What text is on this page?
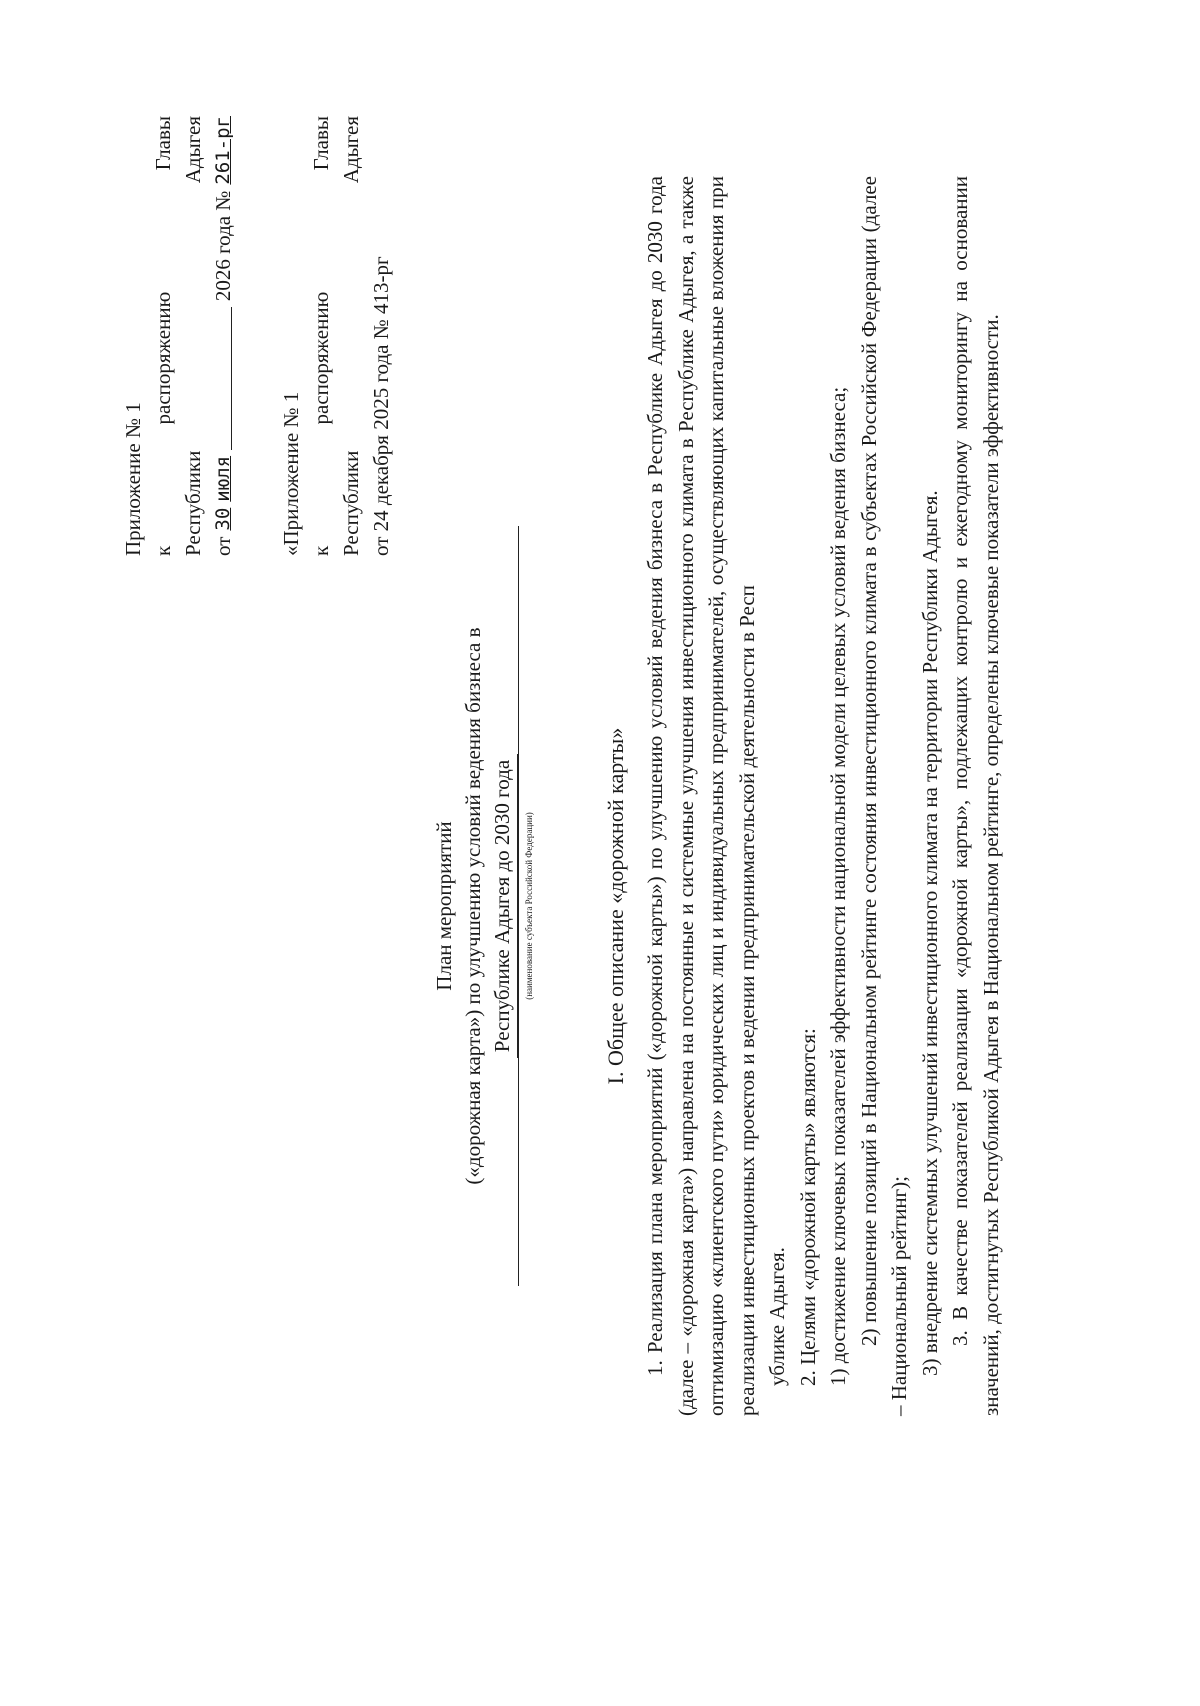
Приложение № 1 к
распоряжению
Главы
Республики
Адыгея
от
30
июля
2026 года №
261-рг
«Приложение № 1 к
распоряжению
Главы
Республики
Адыгея
от 24 декабря 2025 года № 413-рг
План мероприятий («дорожная карта») по улучшению условий ведения бизнеса в Республике Адыгея до 2030 года	(наименование субъекта Российской Федерации)	I. Общее описание «дорожной карты» 1. Реализация плана мероприятий («дорожной карты») по улучшению условий ведения бизнеса в Республике Адыгея до 2030 года (далее – «дорожная карта») направлена на постоянные и системные улучшения инвестиционного климата в Республике Адыгея, а также оптимизацию «клиентского пути» юридических лиц и индивидуальных предпринимателей, осуществляющих капитальные вложения при реализации инвестиционных проектов и ведении предпринимательской деятельности в Респ ублике Адыгея. 2. Целями «дорожной карты» являются: 1) достижение ключевых показателей эффективности национальной модели целевых условий ведения бизнеса; 2) повышение позиций в Национальном рейтинге состояния инвестиционного климата в субъектах Российской Федерации (далее – Национальный рейтинг); 3) внедрение системных улучшений инвестиционного климата на территории Республики Адыгея. 3. В качестве показателей реализации «дорожной карты», подлежащих контролю и ежегодному мониторингу на основании значений, достигнутых Республикой Адыгея в Национальном рейтинге, определены ключевые показатели эффективности.
